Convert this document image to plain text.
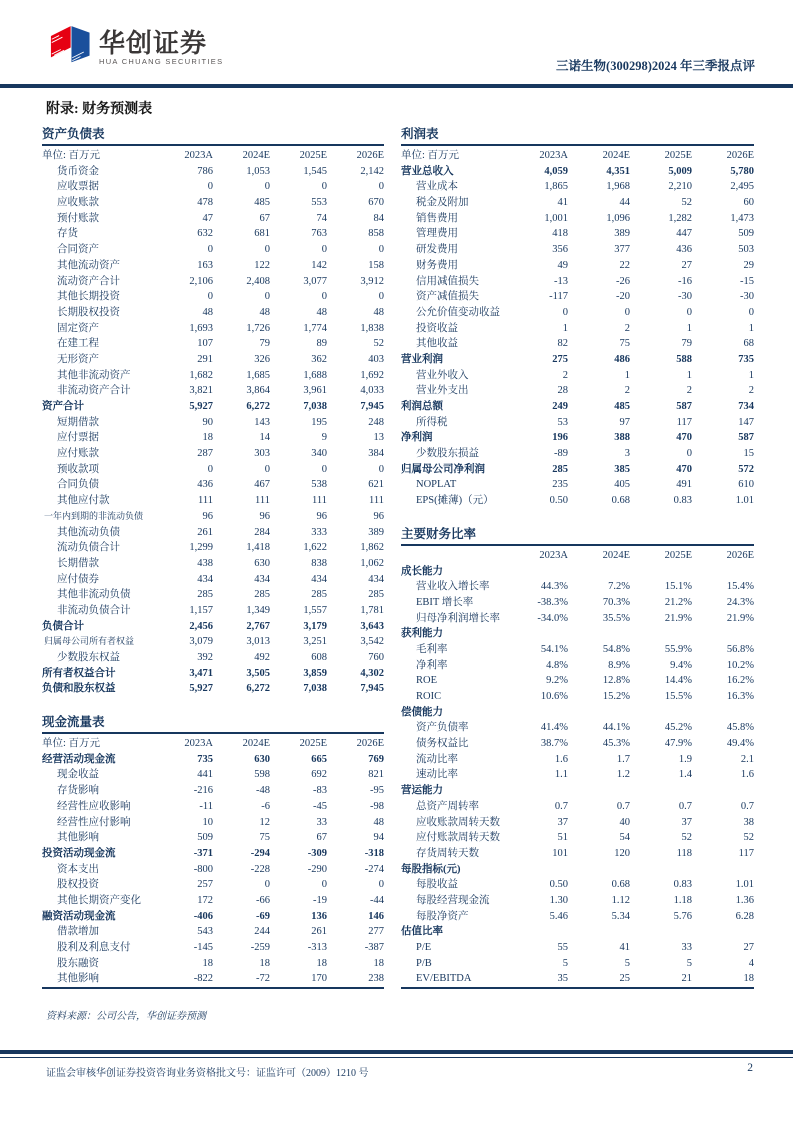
华创证券
HUA CHUANG SECURITIES	三诺生物(300298)2024 年三季报点评
附录: 财务预测表
资产负债表
单位: 百万元	2023A	2024E	2025E	2026E
货币资金	786	1,053	1,545	2,142
应收票据	0	0	0	0
应收账款	478	485	553	670
预付账款	47	67	74	84
存货	632	681	763	858
合同资产	0	0	0	0
其他流动资产	163	122	142	158
流动资产合计	2,106	2,408	3,077	3,912
其他长期投资	0	0	0	0
长期股权投资	48	48	48	48
固定资产	1,693	1,726	1,774	1,838
在建工程	107	79	89	52
无形资产	291	326	362	403
其他非流动资产	1,682	1,685	1,688	1,692
非流动资产合计	3,821	3,864	3,961	4,033
资产合计	5,927	6,272	7,038	7,945
短期借款	90	143	195	248
应付票据	18	14	9	13
应付账款	287	303	340	384
预收款项	0	0	0	0
合同负债	436	467	538	621
其他应付款	111	111	111	111
一年内到期的非流动负债	96	96	96	96
其他流动负债	261	284	333	389
流动负债合计	1,299	1,418	1,622	1,862
长期借款	438	630	838	1,062
应付债券	434	434	434	434
其他非流动负债	285	285	285	285
非流动负债合计	1,157	1,349	1,557	1,781
负债合计	2,456	2,767	3,179	3,643
归属母公司所有者权益	3,079	3,013	3,251	3,542
少数股东权益	392	492	608	760
所有者权益合计	3,471	3,505	3,859	4,302
负债和股东权益	5,927	6,272	7,038	7,945
现金流量表
单位: 百万元	2023A	2024E	2025E	2026E
经营活动现金流	735	630	665	769
现金收益	441	598	692	821
存货影响	-216	-48	-83	-95
经营性应收影响	-11	-6	-45	-98
经营性应付影响	10	12	33	48
其他影响	509	75	67	94
投资活动现金流	-371	-294	-309	-318
资本支出	-800	-228	-290	-274
股权投资	257	0	0	0
其他长期资产变化	172	-66	-19	-44
融资活动现金流	-406	-69	136	146
借款增加	543	244	261	277
股利及利息支付	-145	-259	-313	-387
股东融资	18	18	18	18
其他影响	-822	-72	170	238
资料来源：公司公告，华创证券预测
利润表
单位: 百万元	2023A	2024E	2025E	2026E
营业总收入	4,059	4,351	5,009	5,780
营业成本	1,865	1,968	2,210	2,495
税金及附加	41	44	52	60
销售费用	1,001	1,096	1,282	1,473
管理费用	418	389	447	509
研发费用	356	377	436	503
财务费用	49	22	27	29
信用减值损失	-13	-26	-16	-15
资产减值损失	-117	-20	-30	-30
公允价值变动收益	0	0	0	0
投资收益	1	2	1	1
其他收益	82	75	79	68
营业利润	275	486	588	735
营业外收入	2	1	1	1
营业外支出	28	2	2	2
利润总额	249	485	587	734
所得税	53	97	117	147
净利润	196	388	470	587
少数股东损益	-89	3	0	15
归属母公司净利润	285	385	470	572
NOPLAT	235	405	491	610
EPS(摊薄)（元）	0.50	0.68	0.83	1.01
主要财务比率
2023A	2024E	2025E	2026E
成长能力
营业收入增长率	44.3%	7.2%	15.1%	15.4%
EBIT 增长率	-38.3%	70.3%	21.2%	24.3%
归母净利润增长率	-34.0%	35.5%	21.9%	21.9%
获利能力
毛利率	54.1%	54.8%	55.9%	56.8%
净利率	4.8%	8.9%	9.4%	10.2%
ROE	9.2%	12.8%	14.4%	16.2%
ROIC	10.6%	15.2%	15.5%	16.3%
偿债能力
资产负债率	41.4%	44.1%	45.2%	45.8%
债务权益比	38.7%	45.3%	47.9%	49.4%
流动比率	1.6	1.7	1.9	2.1
速动比率	1.1	1.2	1.4	1.6
营运能力
总资产周转率	0.7	0.7	0.7	0.7
应收账款周转天数	37	40	37	38
应付账款周转天数	51	54	52	52
存货周转天数	101	120	118	117
每股指标(元)
每股收益	0.50	0.68	0.83	1.01
每股经营现金流	1.30	1.12	1.18	1.36
每股净资产	5.46	5.34	5.76	6.28
估值比率
P/E	55	41	33	27
P/B	5	5	5	4
EV/EBITDA	35	25	21	18
证监会审核华创证券投资咨询业务资格批文号：证监许可（2009）1210 号	2
